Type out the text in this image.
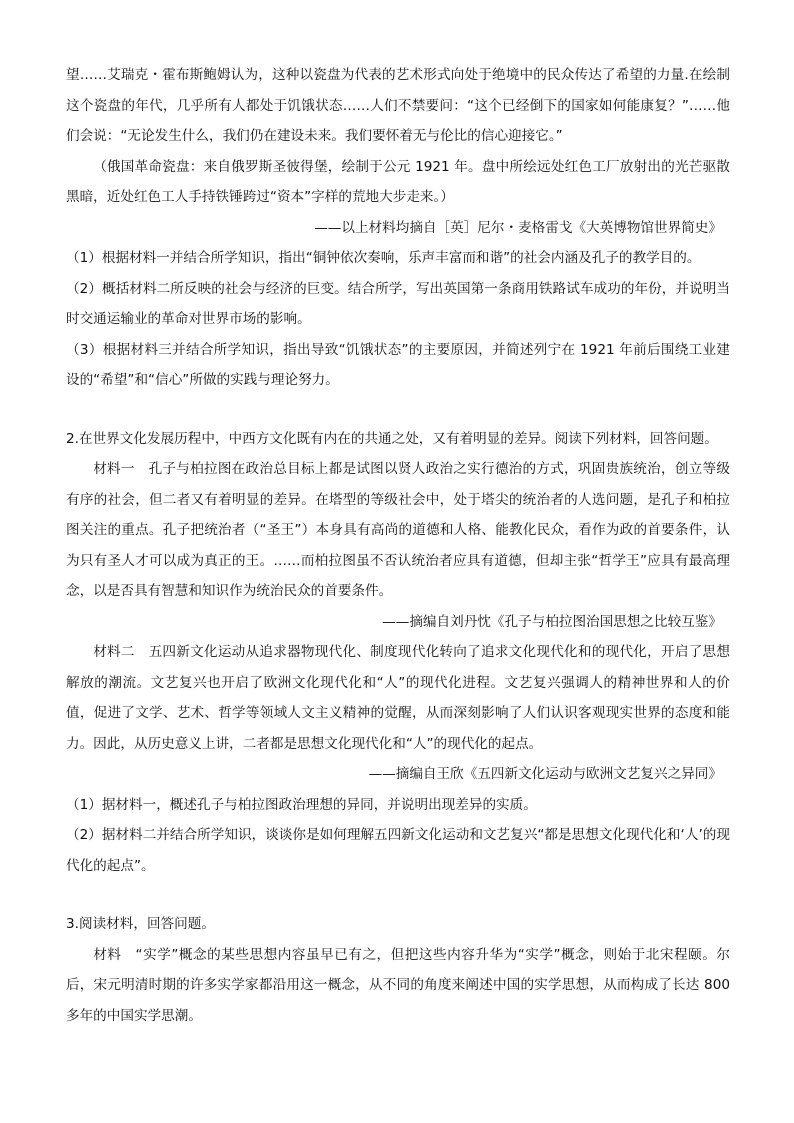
望……艾瑞克・霍布斯鲍姆认为，这种以瓷盘为代表的艺术形式向处于绝境中的民众传达了希望的力量.在绘制这个瓷盘的年代，几乎所有人都处于饥饿状态……人们不禁要问：“这个已经倒下的国家如何能康复？”……他们会说：“无论发生什么，我们仍在建设未来。我们要怀着无与伦比的信心迎接它。”

（俄国革命瓷盘：来自俄罗斯圣彼得堡，绘制于公元 1921 年。盘中所绘远处红色工厂放射出的光芒驱散黑暗，近处红色工人手持铁锤跨过“资本”字样的荒地大步走来。）

——以上材料均摘自［英］尼尔・麦格雷戈《大英博物馆世界简史》

（1）根据材料一并结合所学知识，指出“铜钟依次奏响，乐声丰富而和谐”的社会内涵及孔子的教学目的。

（2）概括材料二所反映的社会与经济的巨变。结合所学，写出英国第一条商用铁路试车成功的年份，并说明当时交通运输业的革命对世界市场的影响。

（3）根据材料三并结合所学知识，指出导致“饥饿状态”的主要原因，并简述列宁在 1921 年前后围绕工业建设的“希望”和“信心”所做的实践与理论努力。

2.在世界文化发展历程中，中西方文化既有内在的共通之处，又有着明显的差异。阅读下列材料，回答问题。

材料一　孔子与柏拉图在政治总目标上都是试图以贤人政治之实行德治的方式，巩固贵族统治，创立等级有序的社会，但二者又有着明显的差异。在塔型的等级社会中，处于塔尖的统治者的人选问题，是孔子和柏拉图关注的重点。孔子把统治者（“圣王”）本身具有高尚的道德和人格、能教化民众，看作为政的首要条件，认为只有圣人才可以成为真正的王。……而柏拉图虽不否认统治者应具有道德，但却主张“哲学王”应具有最高理念，以是否具有智慧和知识作为统治民众的首要条件。

——摘编自刘丹忱《孔子与柏拉图治国思想之比较互鉴》

材料二　五四新文化运动从追求器物现代化、制度现代化转向了追求文化现代化和的现代化，开启了思想解放的潮流。文艺复兴也开启了欧洲文化现代化和“人”的现代化进程。文艺复兴强调人的精神世界和人的价值，促进了文学、艺术、哲学等领域人文主义精神的觉醒，从而深刻影响了人们认识客观现实世界的态度和能力。因此，从历史意义上讲，二者都是思想文化现代化和“人”的现代化的起点。

——摘编自王欣《五四新文化运动与欧洲文艺复兴之异同》

（1）据材料一，概述孔子与柏拉图政治理想的异同，并说明出现差异的实质。

（2）据材料二并结合所学知识，谈谈你是如何理解五四新文化运动和文艺复兴“都是思想文化现代化和‘人’的现代化的起点”。

3.阅读材料，回答问题。

材料　“实学”概念的某些思想内容虽早已有之，但把这些内容升华为“实学”概念，则始于北宋程颐。尔后，宋元明清时期的许多实学家都沿用这一概念，从不同的角度来阐述中国的实学思想，从而构成了长达 800 多年的中国实学思潮。
